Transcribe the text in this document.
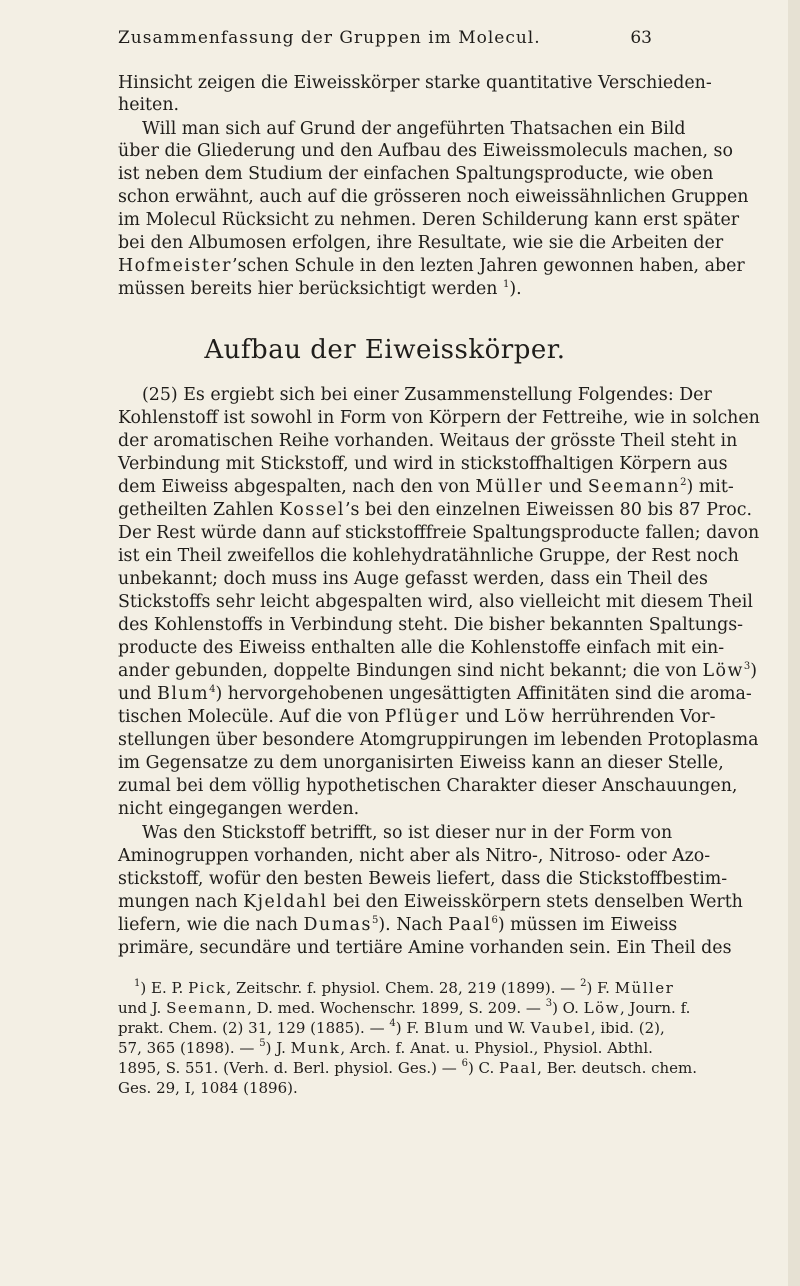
Zusammenfassung der Gruppen im Molecul.	63
Hinsicht zeigen die Eiweisskörper starke quantitative Verschieden-
heiten.
Will man sich auf Grund der angeführten Thatsachen ein Bild
über die Gliederung und den Aufbau des Eiweissmoleculs machen, so
ist neben dem Studium der einfachen Spaltungsproducte, wie oben
schon erwähnt, auch auf die grösseren noch eiweissähnlichen Gruppen
im Molecul Rücksicht zu nehmen. Deren Schilderung kann erst später
bei den Albumosen erfolgen, ihre Resultate, wie sie die Arbeiten der
Hofmeister’schen Schule in den lezten Jahren gewonnen haben, aber
müssen bereits hier berücksichtigt werden $^1$).
Aufbau der Eiweisskörper.
(25) Es ergiebt sich bei einer Zusammenstellung Folgendes: Der
Kohlenstoff ist sowohl in Form von Körpern der Fettreihe, wie in solchen
der aromatischen Reihe vorhanden. Weitaus der grösste Theil steht in
Verbindung mit Stickstoff, und wird in stickstoffhaltigen Körpern aus
dem Eiweiss abgespalten, nach den von Müller und Seemann$^2$) mit-
getheilten Zahlen Kossel’s bei den einzelnen Eiweissen 80 bis 87 Proc.
Der Rest würde dann auf stickstofffreie Spaltungsproducte fallen; davon
ist ein Theil zweifellos die kohlehydratähnliche Gruppe, der Rest noch
unbekannt; doch muss ins Auge gefasst werden, dass ein Theil des
Stickstoffs sehr leicht abgespalten wird, also vielleicht mit diesem Theil
des Kohlenstoffs in Verbindung steht. Die bisher bekannten Spaltungs-
producte des Eiweiss enthalten alle die Kohlenstoffe einfach mit ein-
ander gebunden, doppelte Bindungen sind nicht bekannt; die von Löw$^3$)
und Blum$^4$) hervorgehobenen ungesättigten Affinitäten sind die aroma-
tischen Molecüle. Auf die von Pflüger und Löw herrührenden Vor-
stellungen über besondere Atomgruppirungen im lebenden Protoplasma
im Gegensatze zu dem unorganisirten Eiweiss kann an dieser Stelle,
zumal bei dem völlig hypothetischen Charakter dieser Anschauungen,
nicht eingegangen werden.
Was den Stickstoff betrifft, so ist dieser nur in der Form von
Aminogruppen vorhanden, nicht aber als Nitro-, Nitroso- oder Azo-
stickstoff, wofür den besten Beweis liefert, dass die Stickstoffbestim-
mungen nach Kjeldahl bei den Eiweisskörpern stets denselben Werth
liefern, wie die nach Dumas$^5$). Nach Paal$^6$) müssen im Eiweiss
primäre, secundäre und tertiäre Amine vorhanden sein. Ein Theil des
$^1$) E. P. Pick, Zeitschr. f. physiol. Chem. 28, 219 (1899). — $^2$) F. Müller
und J. Seemann, D. med. Wochenschr. 1899, S. 209. — $^3$) O. Löw, Journ. f.
prakt. Chem. (2) 31, 129 (1885). — $^4$) F. Blum und W. Vaubel, ibid. (2),
57, 365 (1898). — $^5$) J. Munk, Arch. f. Anat. u. Physiol., Physiol. Abthl.
1895, S. 551. (Verh. d. Berl. physiol. Ges.) — $^6$) C. Paal, Ber. deutsch. chem.
Ges. 29, I, 1084 (1896).
